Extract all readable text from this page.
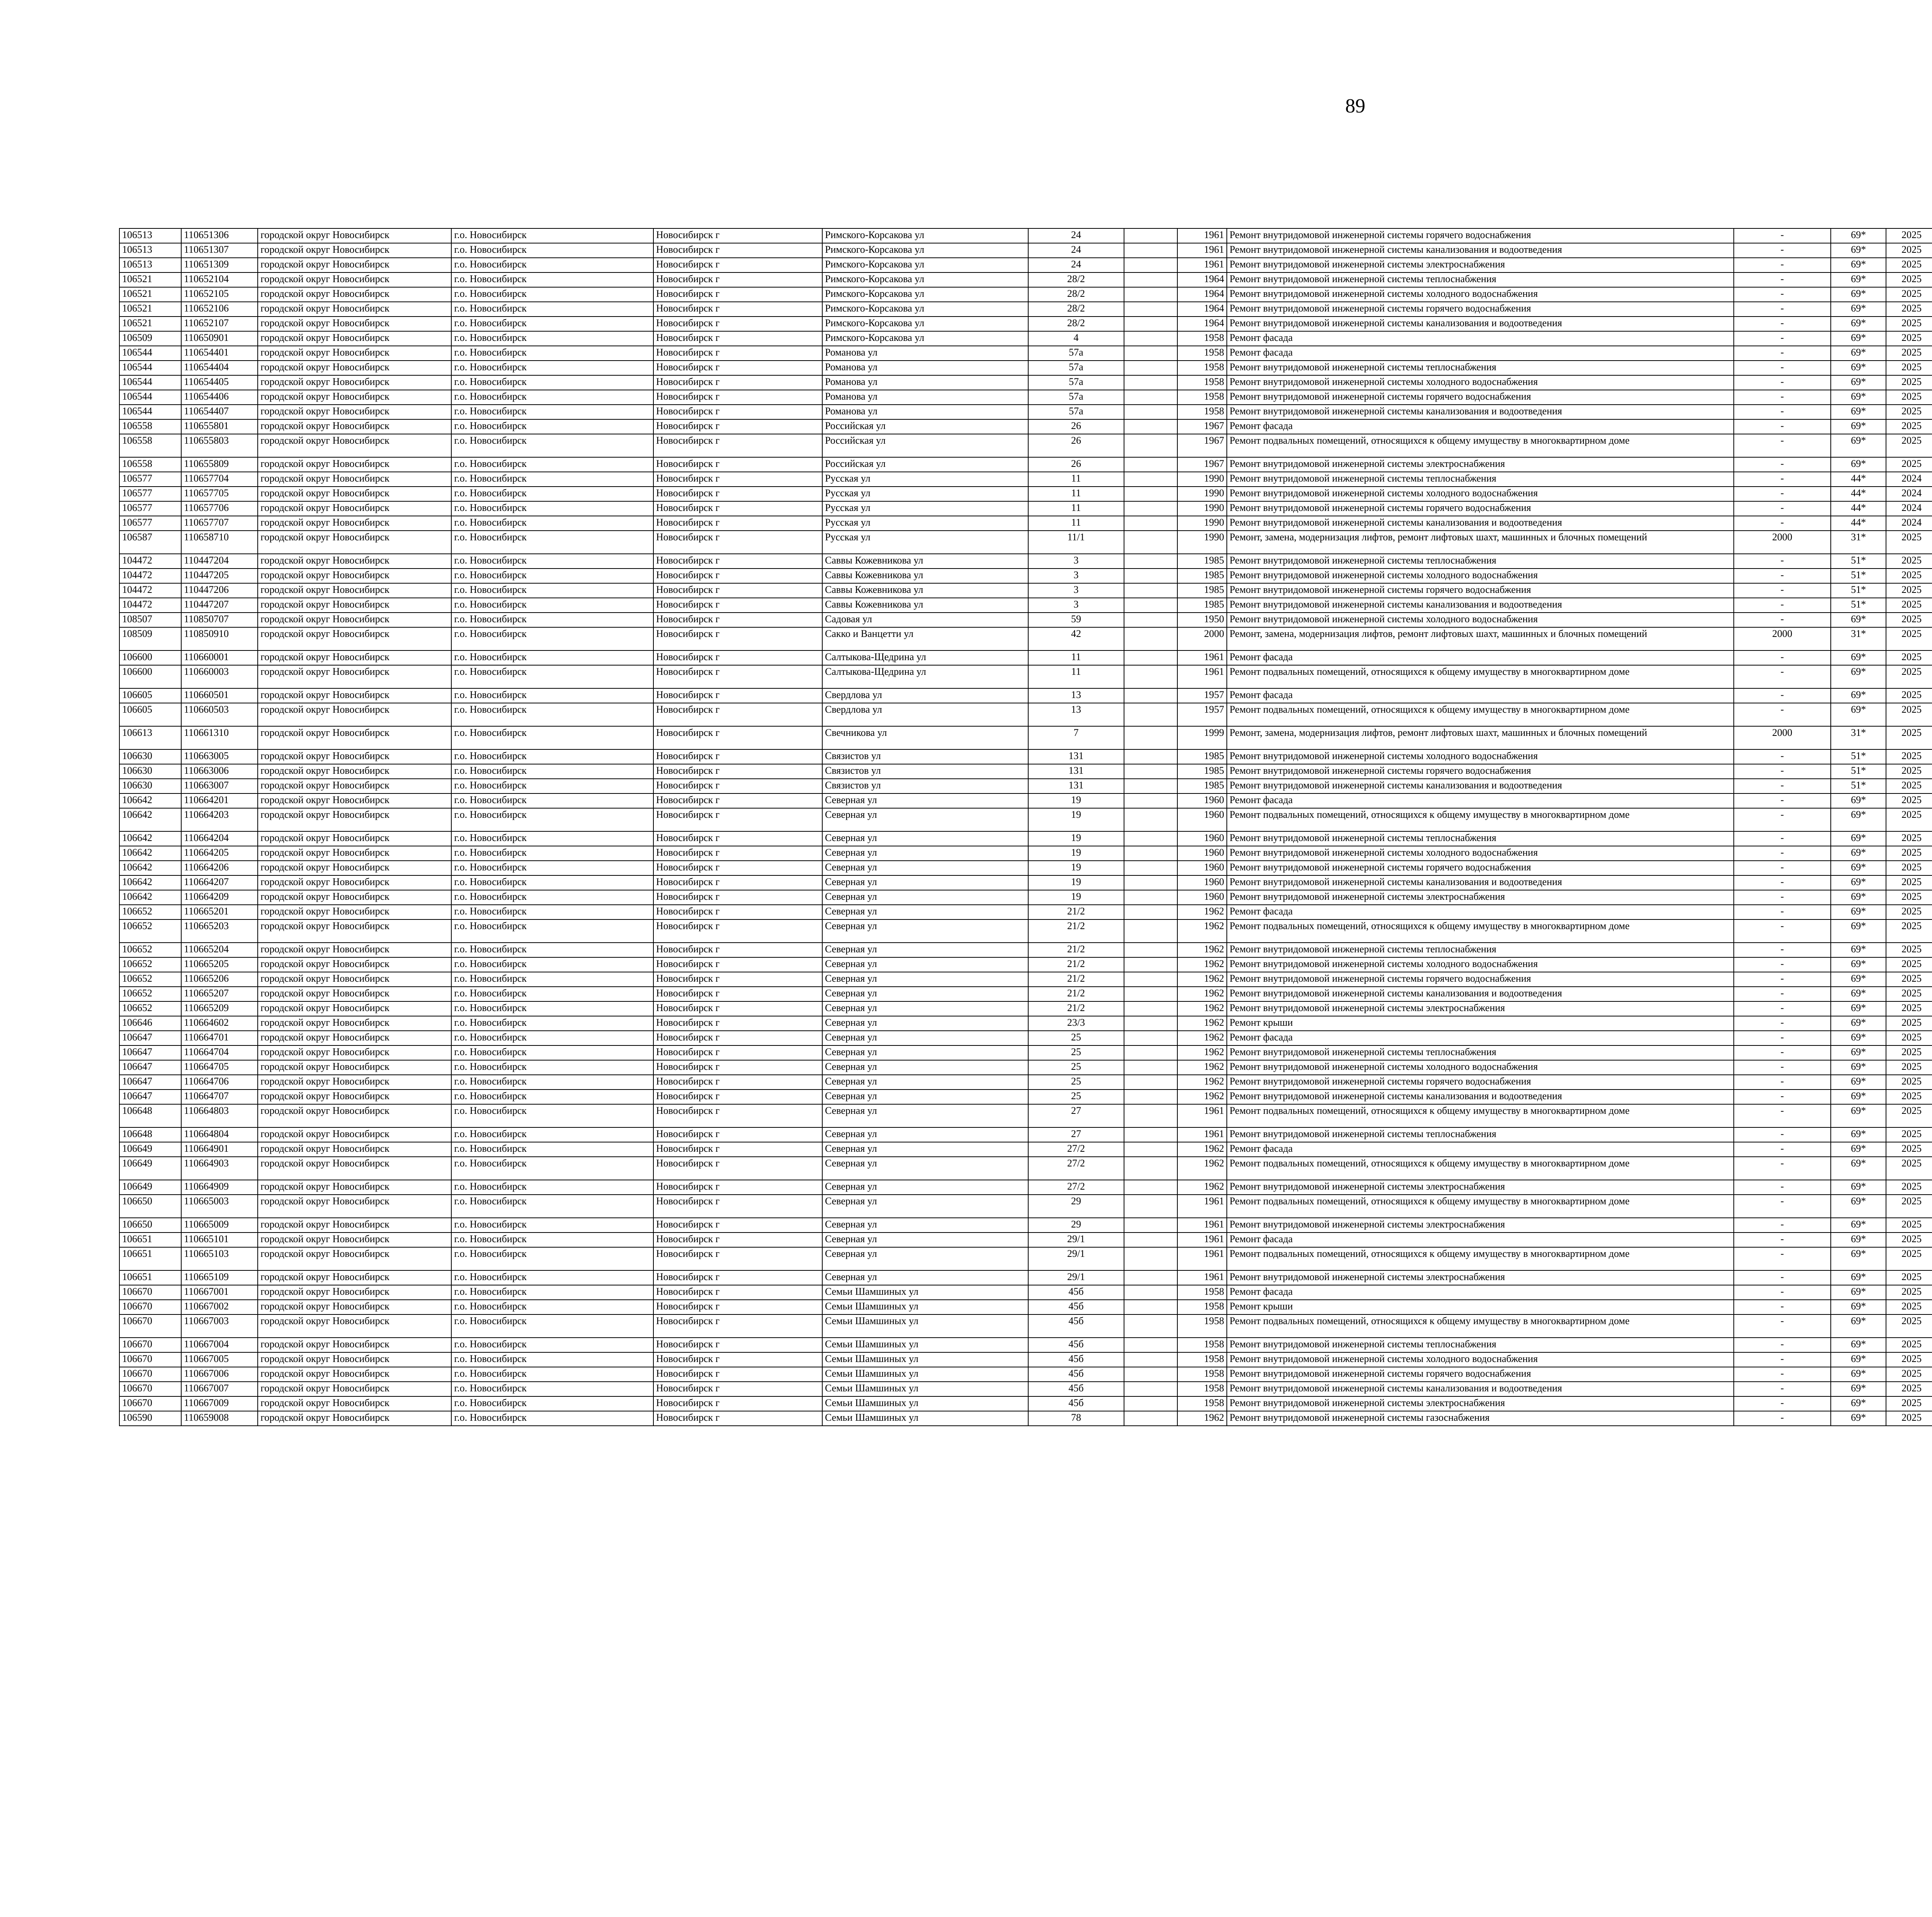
89
106513	110651306	городской округ Новосибирск	г.о. Новосибирск	Новосибирск г	Римского-Корсакова ул	24		1961	Ремонт внутридомовой инженерной системы горячего водоснабжения	-	69*	2025								
106513	110651307	городской округ Новосибирск	г.о. Новосибирск	Новосибирск г	Римского-Корсакова ул	24		1961	Ремонт внутридомовой инженерной системы канализования и водоотведения	-	69*	2025								
106513	110651309	городской округ Новосибирск	г.о. Новосибирск	Новосибирск г	Римского-Корсакова ул	24		1961	Ремонт внутридомовой инженерной системы электроснабжения	-	69*	2025								
106521	110652104	городской округ Новосибирск	г.о. Новосибирск	Новосибирск г	Римского-Корсакова ул	28/2		1964	Ремонт внутридомовой инженерной системы теплоснабжения	-	69*	2025								
106521	110652105	городской округ Новосибирск	г.о. Новосибирск	Новосибирск г	Римского-Корсакова ул	28/2		1964	Ремонт внутридомовой инженерной системы холодного водоснабжения	-	69*	2025								
106521	110652106	городской округ Новосибирск	г.о. Новосибирск	Новосибирск г	Римского-Корсакова ул	28/2		1964	Ремонт внутридомовой инженерной системы горячего водоснабжения	-	69*	2025								
106521	110652107	городской округ Новосибирск	г.о. Новосибирск	Новосибирск г	Римского-Корсакова ул	28/2		1964	Ремонт внутридомовой инженерной системы канализования и водоотведения	-	69*	2025								
106509	110650901	городской округ Новосибирск	г.о. Новосибирск	Новосибирск г	Римского-Корсакова ул	4		1958	Ремонт фасада	-	69*	2025								
106544	110654401	городской округ Новосибирск	г.о. Новосибирск	Новосибирск г	Романова ул	57а		1958	Ремонт фасада	-	69*	2025								
106544	110654404	городской округ Новосибирск	г.о. Новосибирск	Новосибирск г	Романова ул	57а		1958	Ремонт внутридомовой инженерной системы теплоснабжения	-	69*	2025								
106544	110654405	городской округ Новосибирск	г.о. Новосибирск	Новосибирск г	Романова ул	57а		1958	Ремонт внутридомовой инженерной системы холодного водоснабжения	-	69*	2025								
106544	110654406	городской округ Новосибирск	г.о. Новосибирск	Новосибирск г	Романова ул	57а		1958	Ремонт внутридомовой инженерной системы горячего водоснабжения	-	69*	2025								
106544	110654407	городской округ Новосибирск	г.о. Новосибирск	Новосибирск г	Романова ул	57а		1958	Ремонт внутридомовой инженерной системы канализования и водоотведения	-	69*	2025								
106558	110655801	городской округ Новосибирск	г.о. Новосибирск	Новосибирск г	Российская ул	26		1967	Ремонт фасада	-	69*	2025								
106558	110655803	городской округ Новосибирск	г.о. Новосибирск	Новосибирск г	Российская ул	26		1967	Ремонт подвальных помещений, относящихся к общему имуществу в многоквартирном доме	-	69*	2025								
106558	110655809	городской округ Новосибирск	г.о. Новосибирск	Новосибирск г	Российская ул	26		1967	Ремонт внутридомовой инженерной системы электроснабжения	-	69*	2025								
106577	110657704	городской округ Новосибирск	г.о. Новосибирск	Новосибирск г	Русская ул	11		1990	Ремонт внутридомовой инженерной системы теплоснабжения	-	44*	2024								
106577	110657705	городской округ Новосибирск	г.о. Новосибирск	Новосибирск г	Русская ул	11		1990	Ремонт внутридомовой инженерной системы холодного водоснабжения	-	44*	2024								
106577	110657706	городской округ Новосибирск	г.о. Новосибирск	Новосибирск г	Русская ул	11		1990	Ремонт внутридомовой инженерной системы горячего водоснабжения	-	44*	2024								
106577	110657707	городской округ Новосибирск	г.о. Новосибирск	Новосибирск г	Русская ул	11		1990	Ремонт внутридомовой инженерной системы канализования и водоотведения	-	44*	2024								
106587	110658710	городской округ Новосибирск	г.о. Новосибирск	Новосибирск г	Русская ул	11/1		1990	Ремонт, замена, модернизация лифтов, ремонт лифтовых шахт, машинных и блочных помещений	2000	31*	2025								
104472	110447204	городской округ Новосибирск	г.о. Новосибирск	Новосибирск г	Саввы Кожевникова ул	3		1985	Ремонт внутридомовой инженерной системы теплоснабжения	-	51*	2025								
104472	110447205	городской округ Новосибирск	г.о. Новосибирск	Новосибирск г	Саввы Кожевникова ул	3		1985	Ремонт внутридомовой инженерной системы холодного водоснабжения	-	51*	2025								
104472	110447206	городской округ Новосибирск	г.о. Новосибирск	Новосибирск г	Саввы Кожевникова ул	3		1985	Ремонт внутридомовой инженерной системы горячего водоснабжения	-	51*	2025								
104472	110447207	городской округ Новосибирск	г.о. Новосибирск	Новосибирск г	Саввы Кожевникова ул	3		1985	Ремонт внутридомовой инженерной системы канализования и водоотведения	-	51*	2025								
108507	110850707	городской округ Новосибирск	г.о. Новосибирск	Новосибирск г	Садовая ул	59		1950	Ремонт внутридомовой инженерной системы холодного водоснабжения	-	69*	2025								
108509	110850910	городской округ Новосибирск	г.о. Новосибирск	Новосибирск г	Сакко и Ванцетти ул	42		2000	Ремонт, замена, модернизация лифтов, ремонт лифтовых шахт, машинных и блочных помещений	2000	31*	2025								
106600	110660001	городской округ Новосибирск	г.о. Новосибирск	Новосибирск г	Салтыкова-Щедрина ул	11		1961	Ремонт фасада	-	69*	2025								
106600	110660003	городской округ Новосибирск	г.о. Новосибирск	Новосибирск г	Салтыкова-Щедрина ул	11		1961	Ремонт подвальных помещений, относящихся к общему имуществу в многоквартирном доме	-	69*	2025								
106605	110660501	городской округ Новосибирск	г.о. Новосибирск	Новосибирск г	Свердлова ул	13		1957	Ремонт фасада	-	69*	2025								
106605	110660503	городской округ Новосибирск	г.о. Новосибирск	Новосибирск г	Свердлова ул	13		1957	Ремонт подвальных помещений, относящихся к общему имуществу в многоквартирном доме	-	69*	2025								
106613	110661310	городской округ Новосибирск	г.о. Новосибирск	Новосибирск г	Свечникова ул	7		1999	Ремонт, замена, модернизация лифтов, ремонт лифтовых шахт, машинных и блочных помещений	2000	31*	2025								
106630	110663005	городской округ Новосибирск	г.о. Новосибирск	Новосибирск г	Связистов ул	131		1985	Ремонт внутридомовой инженерной системы холодного водоснабжения	-	51*	2025								
106630	110663006	городской округ Новосибирск	г.о. Новосибирск	Новосибирск г	Связистов ул	131		1985	Ремонт внутридомовой инженерной системы горячего водоснабжения	-	51*	2025								
106630	110663007	городской округ Новосибирск	г.о. Новосибирск	Новосибирск г	Связистов ул	131		1985	Ремонт внутридомовой инженерной системы канализования и водоотведения	-	51*	2025								
106642	110664201	городской округ Новосибирск	г.о. Новосибирск	Новосибирск г	Северная ул	19		1960	Ремонт фасада	-	69*	2025								
106642	110664203	городской округ Новосибирск	г.о. Новосибирск	Новосибирск г	Северная ул	19		1960	Ремонт подвальных помещений, относящихся к общему имуществу в многоквартирном доме	-	69*	2025								
106642	110664204	городской округ Новосибирск	г.о. Новосибирск	Новосибирск г	Северная ул	19		1960	Ремонт внутридомовой инженерной системы теплоснабжения	-	69*	2025								
106642	110664205	городской округ Новосибирск	г.о. Новосибирск	Новосибирск г	Северная ул	19		1960	Ремонт внутридомовой инженерной системы холодного водоснабжения	-	69*	2025								
106642	110664206	городской округ Новосибирск	г.о. Новосибирск	Новосибирск г	Северная ул	19		1960	Ремонт внутридомовой инженерной системы горячего водоснабжения	-	69*	2025								
106642	110664207	городской округ Новосибирск	г.о. Новосибирск	Новосибирск г	Северная ул	19		1960	Ремонт внутридомовой инженерной системы канализования и водоотведения	-	69*	2025								
106642	110664209	городской округ Новосибирск	г.о. Новосибирск	Новосибирск г	Северная ул	19		1960	Ремонт внутридомовой инженерной системы электроснабжения	-	69*	2025								
106652	110665201	городской округ Новосибирск	г.о. Новосибирск	Новосибирск г	Северная ул	21/2		1962	Ремонт фасада	-	69*	2025								
106652	110665203	городской округ Новосибирск	г.о. Новосибирск	Новосибирск г	Северная ул	21/2		1962	Ремонт подвальных помещений, относящихся к общему имуществу в многоквартирном доме	-	69*	2025								
106652	110665204	городской округ Новосибирск	г.о. Новосибирск	Новосибирск г	Северная ул	21/2		1962	Ремонт внутридомовой инженерной системы теплоснабжения	-	69*	2025								
106652	110665205	городской округ Новосибирск	г.о. Новосибирск	Новосибирск г	Северная ул	21/2		1962	Ремонт внутридомовой инженерной системы холодного водоснабжения	-	69*	2025								
106652	110665206	городской округ Новосибирск	г.о. Новосибирск	Новосибирск г	Северная ул	21/2		1962	Ремонт внутридомовой инженерной системы горячего водоснабжения	-	69*	2025								
106652	110665207	городской округ Новосибирск	г.о. Новосибирск	Новосибирск г	Северная ул	21/2		1962	Ремонт внутридомовой инженерной системы канализования и водоотведения	-	69*	2025								
106652	110665209	городской округ Новосибирск	г.о. Новосибирск	Новосибирск г	Северная ул	21/2		1962	Ремонт внутридомовой инженерной системы электроснабжения	-	69*	2025								
106646	110664602	городской округ Новосибирск	г.о. Новосибирск	Новосибирск г	Северная ул	23/3		1962	Ремонт крыши	-	69*	2025								
106647	110664701	городской округ Новосибирск	г.о. Новосибирск	Новосибирск г	Северная ул	25		1962	Ремонт фасада	-	69*	2025								
106647	110664704	городской округ Новосибирск	г.о. Новосибирск	Новосибирск г	Северная ул	25		1962	Ремонт внутридомовой инженерной системы теплоснабжения	-	69*	2025								
106647	110664705	городской округ Новосибирск	г.о. Новосибирск	Новосибирск г	Северная ул	25		1962	Ремонт внутридомовой инженерной системы холодного водоснабжения	-	69*	2025								
106647	110664706	городской округ Новосибирск	г.о. Новосибирск	Новосибирск г	Северная ул	25		1962	Ремонт внутридомовой инженерной системы горячего водоснабжения	-	69*	2025								
106647	110664707	городской округ Новосибирск	г.о. Новосибирск	Новосибирск г	Северная ул	25		1962	Ремонт внутридомовой инженерной системы канализования и водоотведения	-	69*	2025								
106648	110664803	городской округ Новосибирск	г.о. Новосибирск	Новосибирск г	Северная ул	27		1961	Ремонт подвальных помещений, относящихся к общему имуществу в многоквартирном доме	-	69*	2025								
106648	110664804	городской округ Новосибирск	г.о. Новосибирск	Новосибирск г	Северная ул	27		1961	Ремонт внутридомовой инженерной системы теплоснабжения	-	69*	2025								
106649	110664901	городской округ Новосибирск	г.о. Новосибирск	Новосибирск г	Северная ул	27/2		1962	Ремонт фасада	-	69*	2025								
106649	110664903	городской округ Новосибирск	г.о. Новосибирск	Новосибирск г	Северная ул	27/2		1962	Ремонт подвальных помещений, относящихся к общему имуществу в многоквартирном доме	-	69*	2025								
106649	110664909	городской округ Новосибирск	г.о. Новосибирск	Новосибирск г	Северная ул	27/2		1962	Ремонт внутридомовой инженерной системы электроснабжения	-	69*	2025								
106650	110665003	городской округ Новосибирск	г.о. Новосибирск	Новосибирск г	Северная ул	29		1961	Ремонт подвальных помещений, относящихся к общему имуществу в многоквартирном доме	-	69*	2025								
106650	110665009	городской округ Новосибирск	г.о. Новосибирск	Новосибирск г	Северная ул	29		1961	Ремонт внутридомовой инженерной системы электроснабжения	-	69*	2025								
106651	110665101	городской округ Новосибирск	г.о. Новосибирск	Новосибирск г	Северная ул	29/1		1961	Ремонт фасада	-	69*	2025								
106651	110665103	городской округ Новосибирск	г.о. Новосибирск	Новосибирск г	Северная ул	29/1		1961	Ремонт подвальных помещений, относящихся к общему имуществу в многоквартирном доме	-	69*	2025								
106651	110665109	городской округ Новосибирск	г.о. Новосибирск	Новосибирск г	Северная ул	29/1		1961	Ремонт внутридомовой инженерной системы электроснабжения	-	69*	2025								
106670	110667001	городской округ Новосибирск	г.о. Новосибирск	Новосибирск г	Семьи Шамшиных ул	45б		1958	Ремонт фасада	-	69*	2025								
106670	110667002	городской округ Новосибирск	г.о. Новосибирск	Новосибирск г	Семьи Шамшиных ул	45б		1958	Ремонт крыши	-	69*	2025								
106670	110667003	городской округ Новосибирск	г.о. Новосибирск	Новосибирск г	Семьи Шамшиных ул	45б		1958	Ремонт подвальных помещений, относящихся к общему имуществу в многоквартирном доме	-	69*	2025								
106670	110667004	городской округ Новосибирск	г.о. Новосибирск	Новосибирск г	Семьи Шамшиных ул	45б		1958	Ремонт внутридомовой инженерной системы теплоснабжения	-	69*	2025								
106670	110667005	городской округ Новосибирск	г.о. Новосибирск	Новосибирск г	Семьи Шамшиных ул	45б		1958	Ремонт внутридомовой инженерной системы холодного водоснабжения	-	69*	2025								
106670	110667006	городской округ Новосибирск	г.о. Новосибирск	Новосибирск г	Семьи Шамшиных ул	45б		1958	Ремонт внутридомовой инженерной системы горячего водоснабжения	-	69*	2025								
106670	110667007	городской округ Новосибирск	г.о. Новосибирск	Новосибирск г	Семьи Шамшиных ул	45б		1958	Ремонт внутридомовой инженерной системы канализования и водоотведения	-	69*	2025								
106670	110667009	городской округ Новосибирск	г.о. Новосибирск	Новосибирск г	Семьи Шамшиных ул	45б		1958	Ремонт внутридомовой инженерной системы электроснабжения	-	69*	2025								
106590	110659008	городской округ Новосибирск	г.о. Новосибирск	Новосибирск г	Семьи Шамшиных ул	78		1962	Ремонт внутридомовой инженерной системы газоснабжения	-	69*	2025								
